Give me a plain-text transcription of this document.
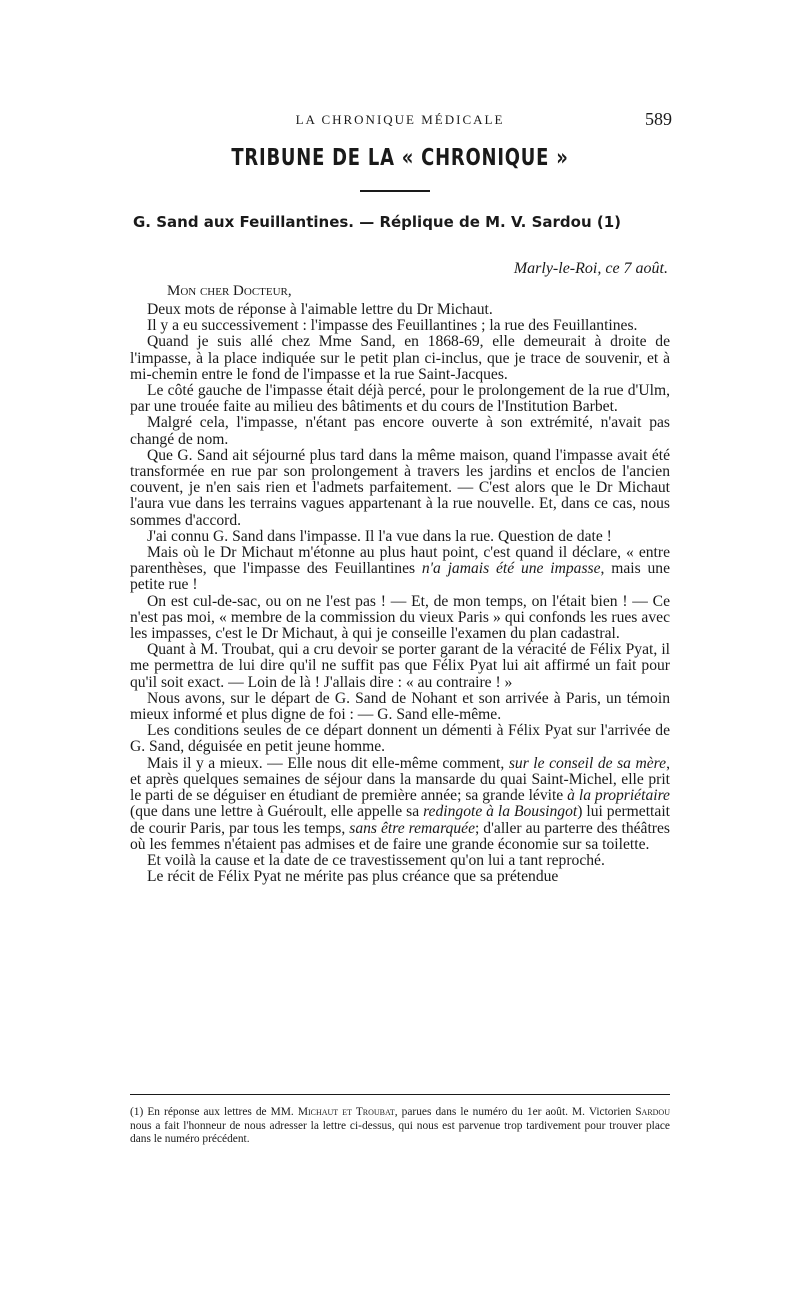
LA CHRONIQUE MÉDICALE	589
TRIBUNE DE LA « CHRONIQUE »
G. Sand aux Feuillantines. — Réplique de M. V. Sardou (1)
Marly-le-Roi, ce 7 août.
Mon cher Docteur,

Deux mots de réponse à l'aimable lettre du Dr Michaut.

Il y a eu successivement : l'impasse des Feuillantines ; la rue des Feuillantines.

Quand je suis allé chez Mme Sand, en 1868-69, elle demeurait à droite de l'impasse, à la place indiquée sur le petit plan ci-inclus, que je trace de souvenir, et à mi-chemin entre le fond de l'impasse et la rue Saint-Jacques.

Le côté gauche de l'impasse était déjà percé, pour le prolongement de la rue d'Ulm, par une trouée faite au milieu des bâtiments et du cours de l'Institution Barbet.

Malgré cela, l'impasse, n'étant pas encore ouverte à son extrémité, n'avait pas changé de nom.

Que G. Sand ait séjourné plus tard dans la même maison, quand l'impasse avait été transformée en rue par son prolongement à travers les jardins et enclos de l'ancien couvent, je n'en sais rien et l'admets parfaitement. — C'est alors que le Dr Michaut l'aura vue dans les terrains vagues appartenant à la rue nouvelle. Et, dans ce cas, nous sommes d'accord.

J'ai connu G. Sand dans l'impasse. Il l'a vue dans la rue. Question de date !

Mais où le Dr Michaut m'étonne au plus haut point, c'est quand il déclare, « entre parenthèses, que l'impasse des Feuillantines n'a jamais été une impasse, mais une petite rue !

On est cul-de-sac, ou on ne l'est pas ! — Et, de mon temps, on l'était bien ! — Ce n'est pas moi, « membre de la commission du vieux Paris » qui confonds les rues avec les impasses, c'est le Dr Michaut, à qui je conseille l'examen du plan cadastral.

Quant à M. Troubat, qui a cru devoir se porter garant de la véracité de Félix Pyat, il me permettra de lui dire qu'il ne suffit pas que Félix Pyat lui ait affirmé un fait pour qu'il soit exact. — Loin de là ! J'allais dire : « au contraire ! »

Nous avons, sur le départ de G. Sand de Nohant et son arrivée à Paris, un témoin mieux informé et plus digne de foi : — G. Sand elle-même.

Les conditions seules de ce départ donnent un démenti à Félix Pyat sur l'arrivée de G. Sand, déguisée en petit jeune homme.

Mais il y a mieux. — Elle nous dit elle-même comment, sur le conseil de sa mère, et après quelques semaines de séjour dans la mansarde du quai Saint-Michel, elle prit le parti de se déguiser en étudiant de première année; sa grande lévite à la propriétaire (que dans une lettre à Guéroult, elle appelle sa redingote à la Bousingot) lui permettait de courir Paris, par tous les temps, sans être remarquée; d'aller au parterre des théâtres où les femmes n'étaient pas admises et de faire une grande économie sur sa toilette.

Et voilà la cause et la date de ce travestissement qu'on lui a tant reproché.

Le récit de Félix Pyat ne mérite pas plus créance que sa prétendue

(1) En réponse aux lettres de MM. Michaut et Troubat, parues dans le numéro du 1er août. M. Victorien Sardou nous a fait l'honneur de nous adresser la lettre ci-dessus, qui nous est parvenue trop tardivement pour trouver place dans le numéro précédent.
